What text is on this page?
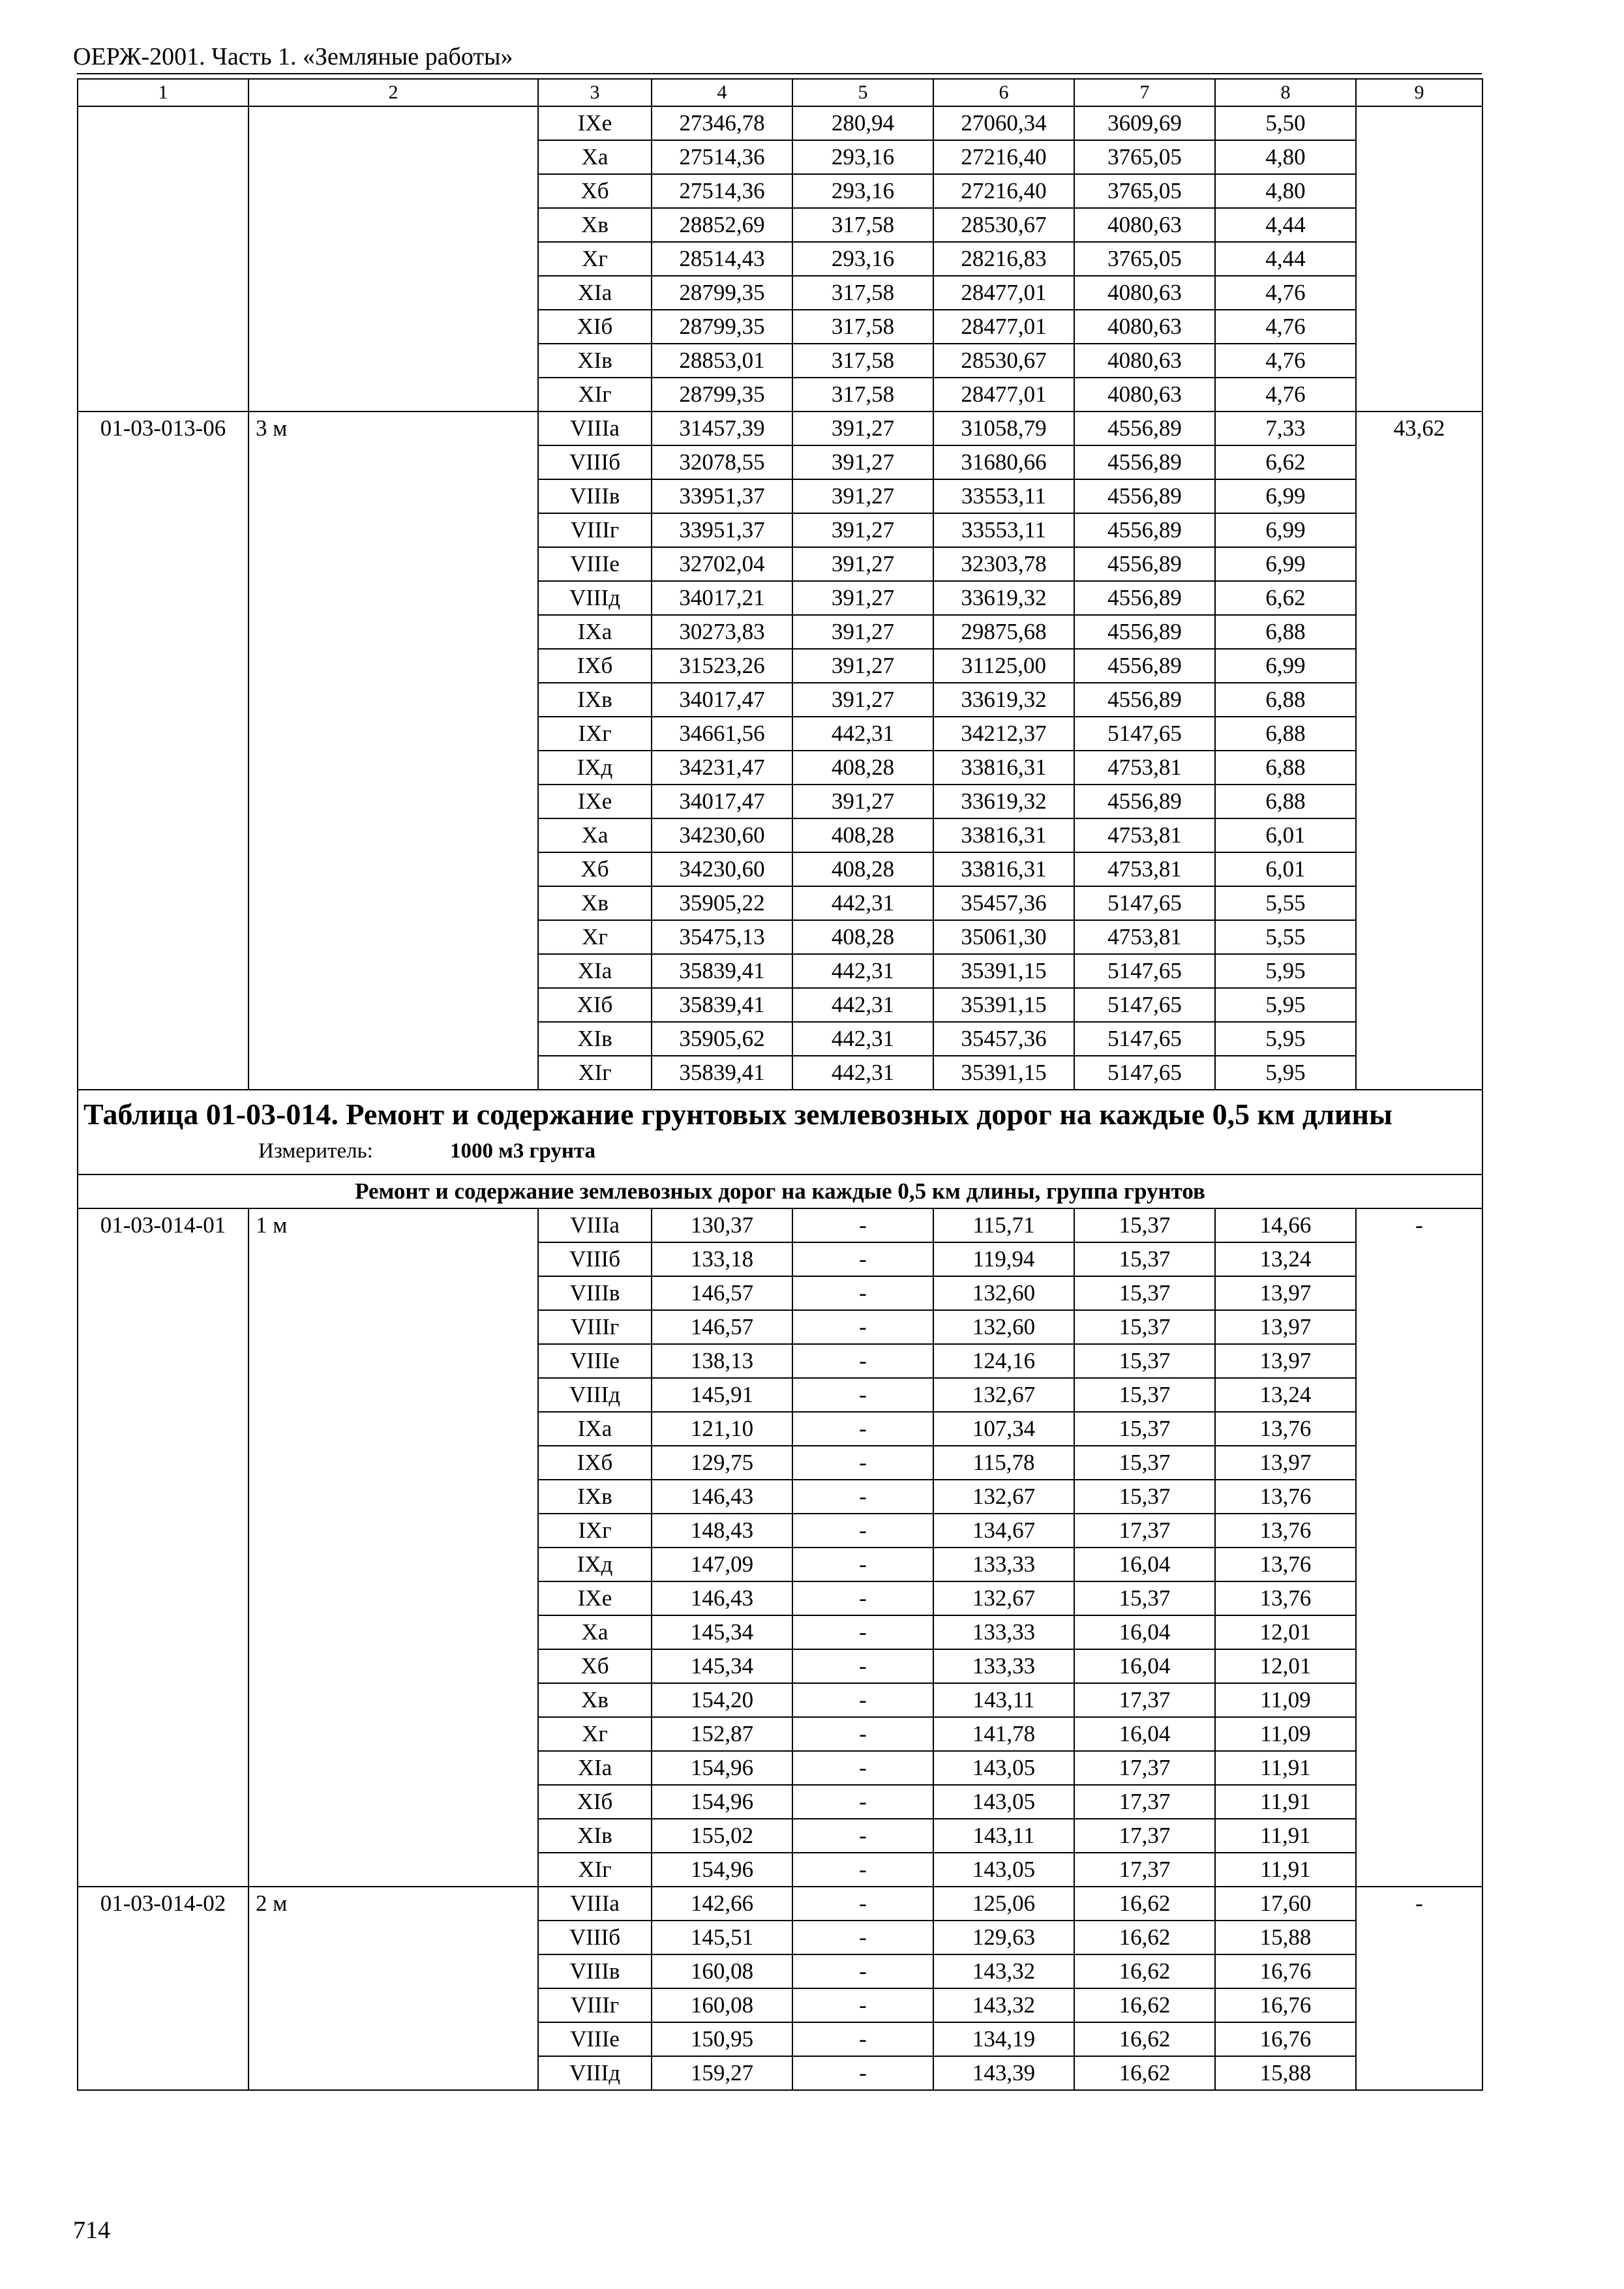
ОЕРЖ-2001. Часть 1. «Земляные работы»
1	2	3	4	5	6	7	8	9
		IXe	27346,78	280,94	27060,34	3609,69	5,50	
		Xa	27514,36	293,16	27216,40	3765,05	4,80	
		Xб	27514,36	293,16	27216,40	3765,05	4,80	
		Xв	28852,69	317,58	28530,67	4080,63	4,44	
		Xг	28514,43	293,16	28216,83	3765,05	4,44	
		XIa	28799,35	317,58	28477,01	4080,63	4,76	
		XIб	28799,35	317,58	28477,01	4080,63	4,76	
		XIв	28853,01	317,58	28530,67	4080,63	4,76	
		XIг	28799,35	317,58	28477,01	4080,63	4,76	
01-03-013-06	3 м	VIIIa	31457,39	391,27	31058,79	4556,89	7,33	43,62
		VIIIб	32078,55	391,27	31680,66	4556,89	6,62	
		VIIIв	33951,37	391,27	33553,11	4556,89	6,99	
		VIIIг	33951,37	391,27	33553,11	4556,89	6,99	
		VIIIe	32702,04	391,27	32303,78	4556,89	6,99	
		VIIIд	34017,21	391,27	33619,32	4556,89	6,62	
		IXa	30273,83	391,27	29875,68	4556,89	6,88	
		IXб	31523,26	391,27	31125,00	4556,89	6,99	
		IXв	34017,47	391,27	33619,32	4556,89	6,88	
		IXг	34661,56	442,31	34212,37	5147,65	6,88	
		IXд	34231,47	408,28	33816,31	4753,81	6,88	
		IXe	34017,47	391,27	33619,32	4556,89	6,88	
		Xa	34230,60	408,28	33816,31	4753,81	6,01	
		Xб	34230,60	408,28	33816,31	4753,81	6,01	
		Xв	35905,22	442,31	35457,36	5147,65	5,55	
		Xг	35475,13	408,28	35061,30	4753,81	5,55	
		XIa	35839,41	442,31	35391,15	5147,65	5,95	
		XIб	35839,41	442,31	35391,15	5147,65	5,95	
		XIв	35905,62	442,31	35457,36	5147,65	5,95	
		XIг	35839,41	442,31	35391,15	5147,65	5,95	

Таблица 01-03-014. Ремонт и содержание грунтовых землевозных дорог на каждые 0,5 км длины
Измеритель: 1000 м3 грунта								

Ремонт и содержание землевозных дорог на каждые 0,5 км длины, группа грунтов								
01-03-014-01	1 м	VIIIa	130,37	-	115,71	15,37	14,66	-
		VIIIб	133,18	-	119,94	15,37	13,24	
		VIIIв	146,57	-	132,60	15,37	13,97	
		VIIIг	146,57	-	132,60	15,37	13,97	
		VIIIe	138,13	-	124,16	15,37	13,97	
		VIIIд	145,91	-	132,67	15,37	13,24	
		IXa	121,10	-	107,34	15,37	13,76	
		IXб	129,75	-	115,78	15,37	13,97	
		IXв	146,43	-	132,67	15,37	13,76	
		IXг	148,43	-	134,67	17,37	13,76	
		IXд	147,09	-	133,33	16,04	13,76	
		IXe	146,43	-	132,67	15,37	13,76	
		Xa	145,34	-	133,33	16,04	12,01	
		Xб	145,34	-	133,33	16,04	12,01	
		Xв	154,20	-	143,11	17,37	11,09	
		Xг	152,87	-	141,78	16,04	11,09	
		XIa	154,96	-	143,05	17,37	11,91	
		XIб	154,96	-	143,05	17,37	11,91	
		XIв	155,02	-	143,11	17,37	11,91	
		XIг	154,96	-	143,05	17,37	11,91	
01-03-014-02	2 м	VIIIa	142,66	-	125,06	16,62	17,60	-
		VIIIб	145,51	-	129,63	16,62	15,88	
		VIIIв	160,08	-	143,32	16,62	16,76	
		VIIIг	160,08	-	143,32	16,62	16,76	
		VIIIe	150,95	-	134,19	16,62	16,76	
		VIIIд	159,27	-	143,39	16,62	15,88	
714
